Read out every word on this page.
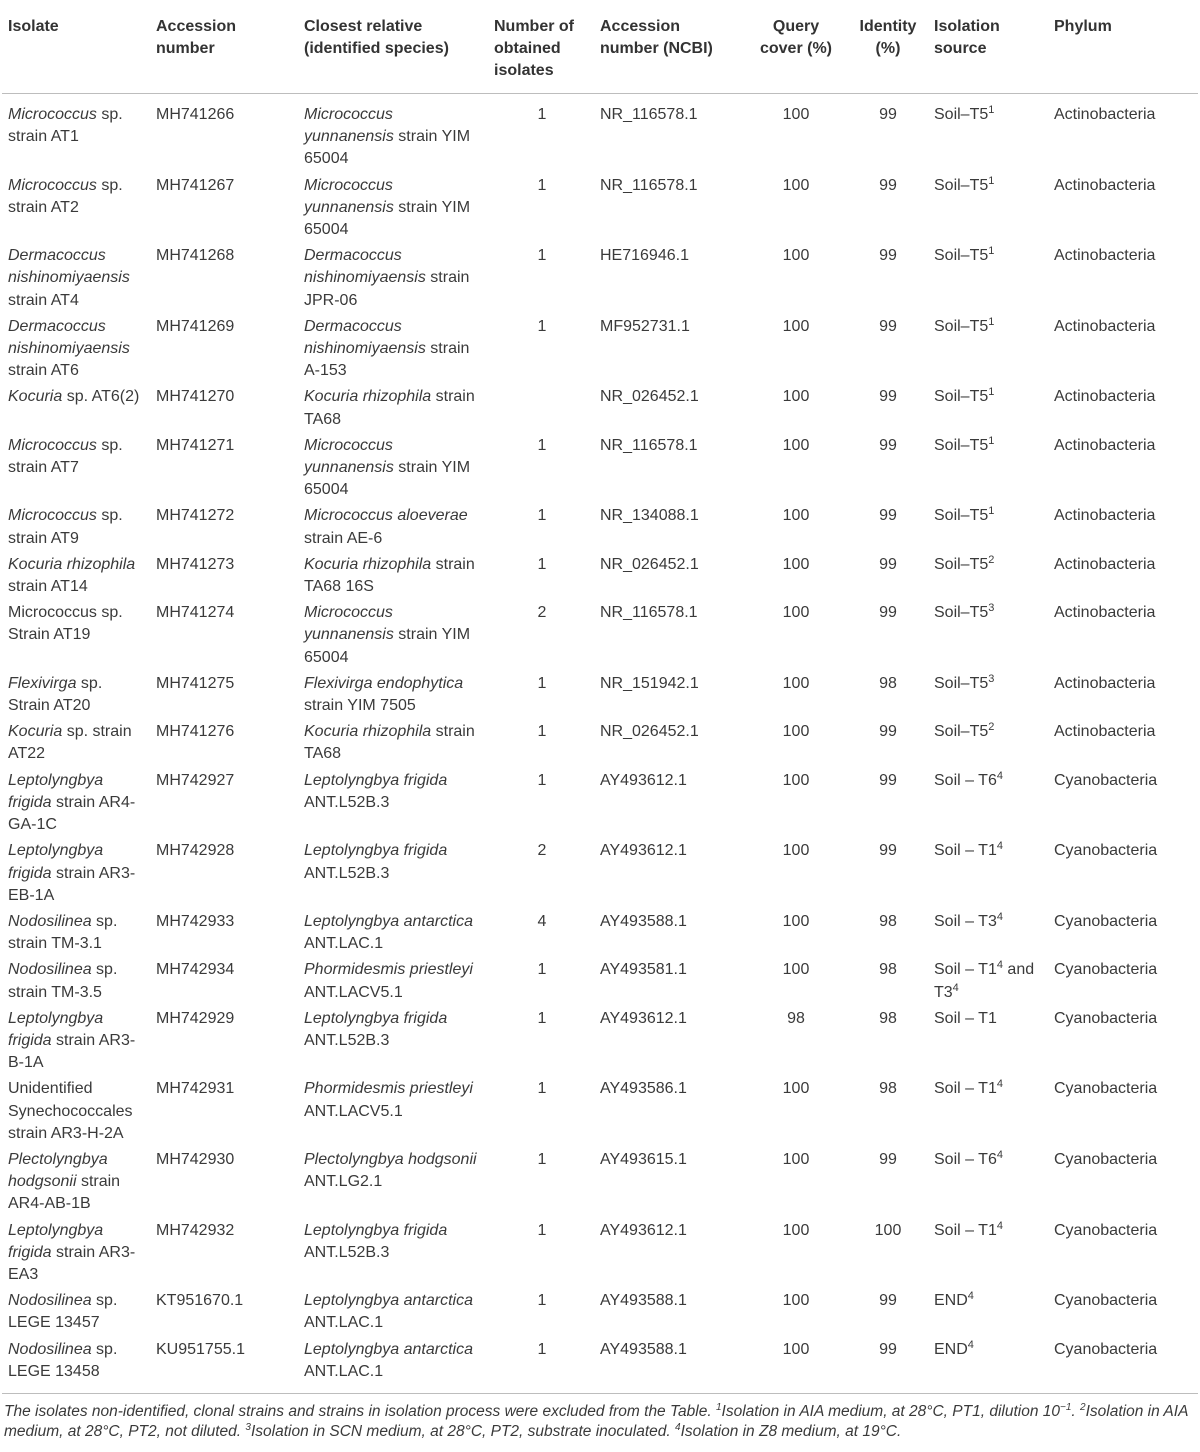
Isolate	Accession number	Closest relative (identified species)	Number of obtained isolates	Accession number (NCBI)	Query cover (%)	Identity (%)	Isolation source	Phylum
Micrococcus sp. strain AT1	MH741266	Micrococcus yunnanensis strain YIM 65004	1	NR_116578.1	100	99	Soil–$T5^1$	Actinobacteria
Micrococcus sp. strain AT2	MH741267	Micrococcus yunnanensis strain YIM 65004	1	NR_116578.1	100	99	Soil–$T5^1$	Actinobacteria
Dermacoccus nishinomiyaensis strain AT4	MH741268	Dermacoccus nishinomiyaensis strain JPR-06	1	HE716946.1	100	99	Soil–$T5^1$	Actinobacteria
Dermacoccus nishinomiyaensis strain AT6	MH741269	Dermacoccus nishinomiyaensis strain A-153	1	MF952731.1	100	99	Soil–$T5^1$	Actinobacteria
Kocuria sp. AT6(2)	MH741270	Kocuria rhizophila strain TA68		NR_026452.1	100	99	Soil–$T5^1$	Actinobacteria
Micrococcus sp. strain AT7	MH741271	Micrococcus yunnanensis strain YIM 65004	1	NR_116578.1	100	99	Soil–$T5^1$	Actinobacteria
Micrococcus sp. strain AT9	MH741272	Micrococcus aloeverae strain AE-6	1	NR_134088.1	100	99	Soil–$T5^1$	Actinobacteria
Kocuria rhizophila strain AT14	MH741273	Kocuria rhizophila strain TA68 16S	1	NR_026452.1	100	99	Soil–$T5^2$	Actinobacteria
Micrococcus sp. Strain AT19	MH741274	Micrococcus yunnanensis strain YIM 65004	2	NR_116578.1	100	99	Soil–$T5^3$	Actinobacteria
Flexivirga sp. Strain AT20	MH741275	Flexivirga endophytica strain YIM 7505	1	NR_151942.1	100	98	Soil–$T5^3$	Actinobacteria
Kocuria sp. strain AT22	MH741276	Kocuria rhizophila strain TA68	1	NR_026452.1	100	99	Soil–$T5^2$	Actinobacteria
Leptolyngbya frigida strain AR4-GA-1C	MH742927	Leptolyngbya frigida ANT.L52B.3	1	AY493612.1	100	99	Soil – $T6^4$	Cyanobacteria
Leptolyngbya frigida strain AR3-EB-1A	MH742928	Leptolyngbya frigida ANT.L52B.3	2	AY493612.1	100	99	Soil – $T1^4$	Cyanobacteria
Nodosilinea sp. strain TM-3.1	MH742933	Leptolyngbya antarctica ANT.LAC.1	4	AY493588.1	100	98	Soil – $T3^4$	Cyanobacteria
Nodosilinea sp. strain TM-3.5	MH742934	Phormidesmis priestleyi ANT.LACV5.1	1	AY493581.1	100	98	Soil – $T1^4$ and $T3^4$	Cyanobacteria
Leptolyngbya frigida strain AR3-B-1A	MH742929	Leptolyngbya frigida ANT.L52B.3	1	AY493612.1	98	98	Soil – T1	Cyanobacteria
Unidentified Synechococcales strain AR3-H-2A	MH742931	Phormidesmis priestleyi ANT.LACV5.1	1	AY493586.1	100	98	Soil – $T1^4$	Cyanobacteria
Plectolyngbya hodgsonii strain AR4-AB-1B	MH742930	Plectolyngbya hodgsonii ANT.LG2.1	1	AY493615.1	100	99	Soil – $T6^4$	Cyanobacteria
Leptolyngbya frigida strain AR3-EA3	MH742932	Leptolyngbya frigida ANT.L52B.3	1	AY493612.1	100	100	Soil – $T1^4$	Cyanobacteria
Nodosilinea sp. LEGE 13457	KT951670.1	Leptolyngbya antarctica ANT.LAC.1	1	AY493588.1	100	99	END$^4$	Cyanobacteria
Nodosilinea sp. LEGE 13458	KU951755.1	Leptolyngbya antarctica ANT.LAC.1	1	AY493588.1	100	99	END$^4$	Cyanobacteria
The isolates non-identified, clonal strains and strains in isolation process were excluded from the Table. $^1$Isolation in AIA medium, at 28°C, PT1, dilution $10^{-1}$. $^2$Isolation in AIA medium, at 28°C, PT2, not diluted. $^3$Isolation in SCN medium, at 28°C, PT2, substrate inoculated. $^4$Isolation in Z8 medium, at 19°C.
